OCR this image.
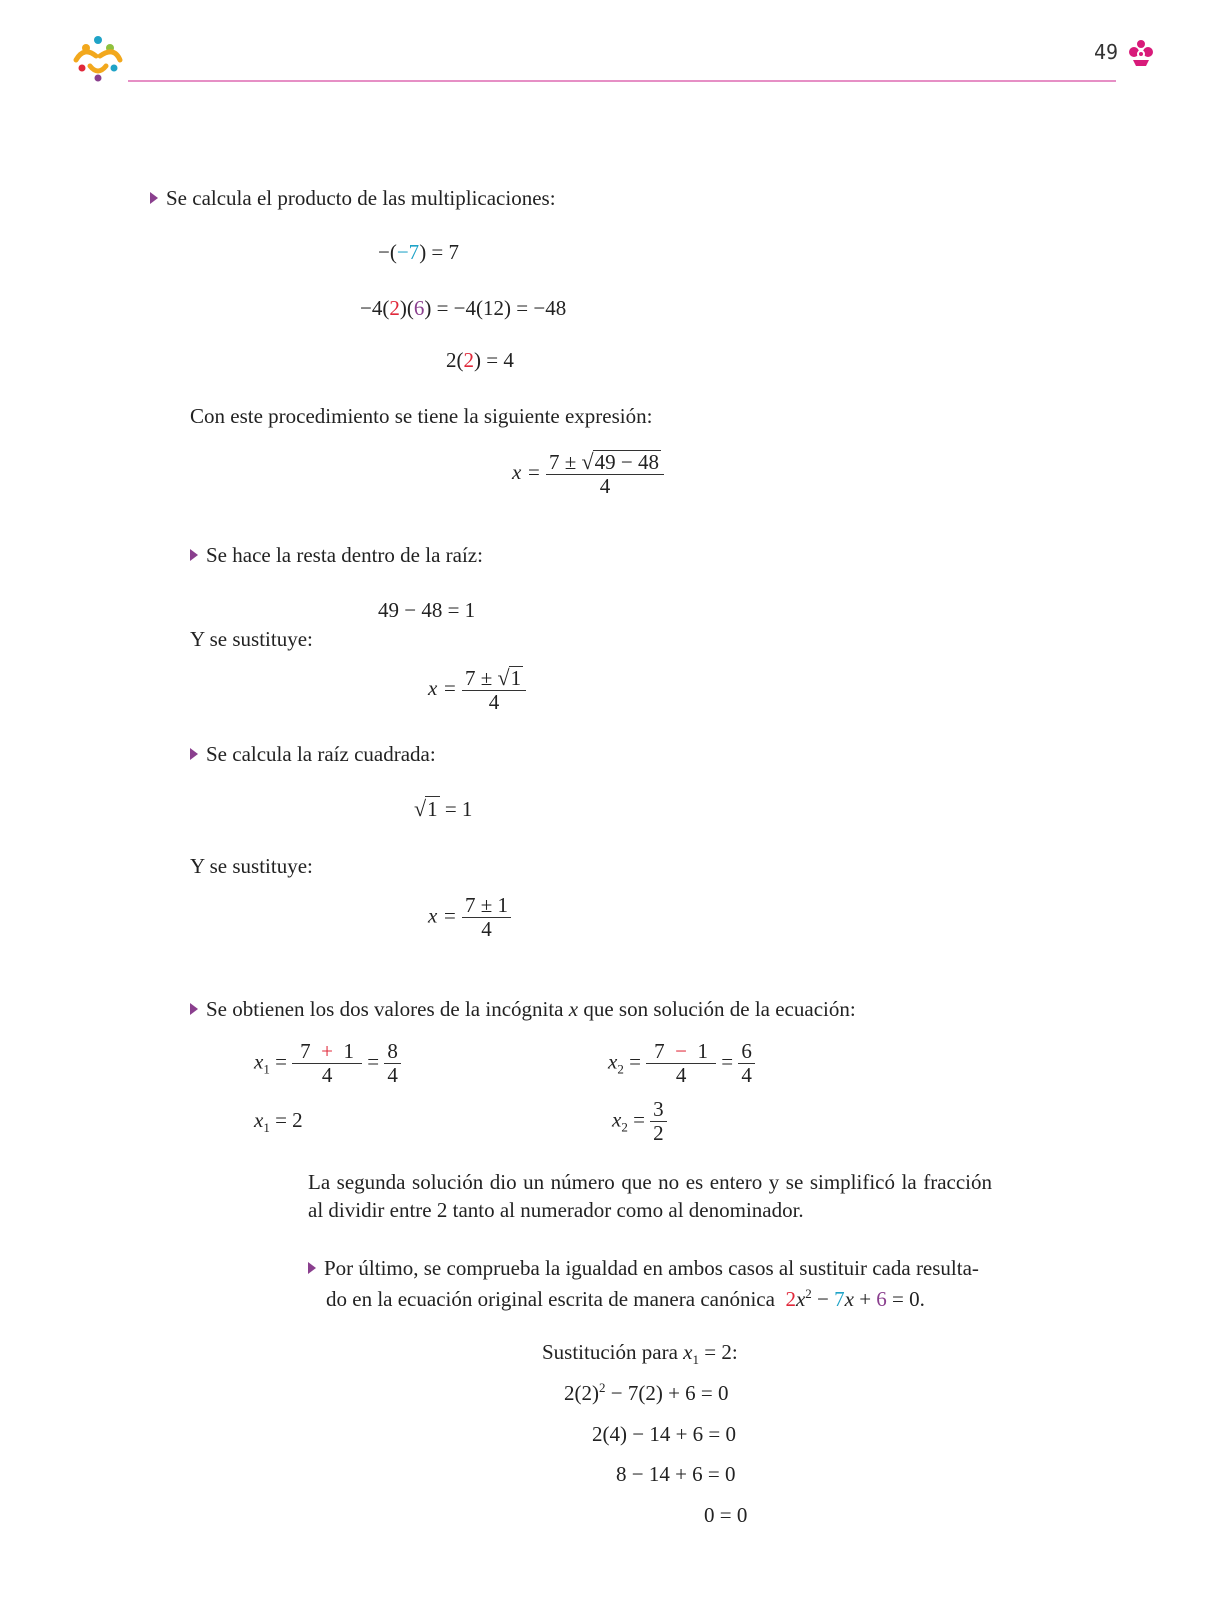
49
Se calcula el producto de las multiplicaciones:
−(−7) = 7
−4(2)(6) = −4(12) = −48
2(2) = 4
Con este procedimiento se tiene la siguiente expresión:
$x = \frac{7 \pm √49 - 48}{4}$
Se hace la resta dentro de la raíz:
49 − 48 = 1
Y se sustituye:
$x = \frac{7 \pm √1}{4}$
Se calcula la raíz cuadrada:
√1 = 1
Y se sustituye:
$x = \frac{7 \pm 1}{4}$
Se obtienen los dos valores de la incógnita x que son solución de la ecuación:
$x_1 = \frac{7 + 1}{4} = \frac{8}{4}$
$x_1 = 2$
$x_2 = \frac{7 - 1}{4} = \frac{6}{4}$
$x_2 = \frac{3}{2}$
La segunda solución dio un número que no es entero y se simplificó la fracción al dividir entre 2 tanto al numerador como al denominador.
Por último, se comprueba la igualdad en ambos casos al sustituir cada resulta-
do en la ecuación original escrita de manera canónica $2x^2 - 7x + 6 = 0$.
Sustitución para $x_1 = 2$:
$2(2)^2 - 7(2) + 6 = 0$
2(4) − 14 + 6 = 0
8 − 14 + 6 = 0
0 = 0
